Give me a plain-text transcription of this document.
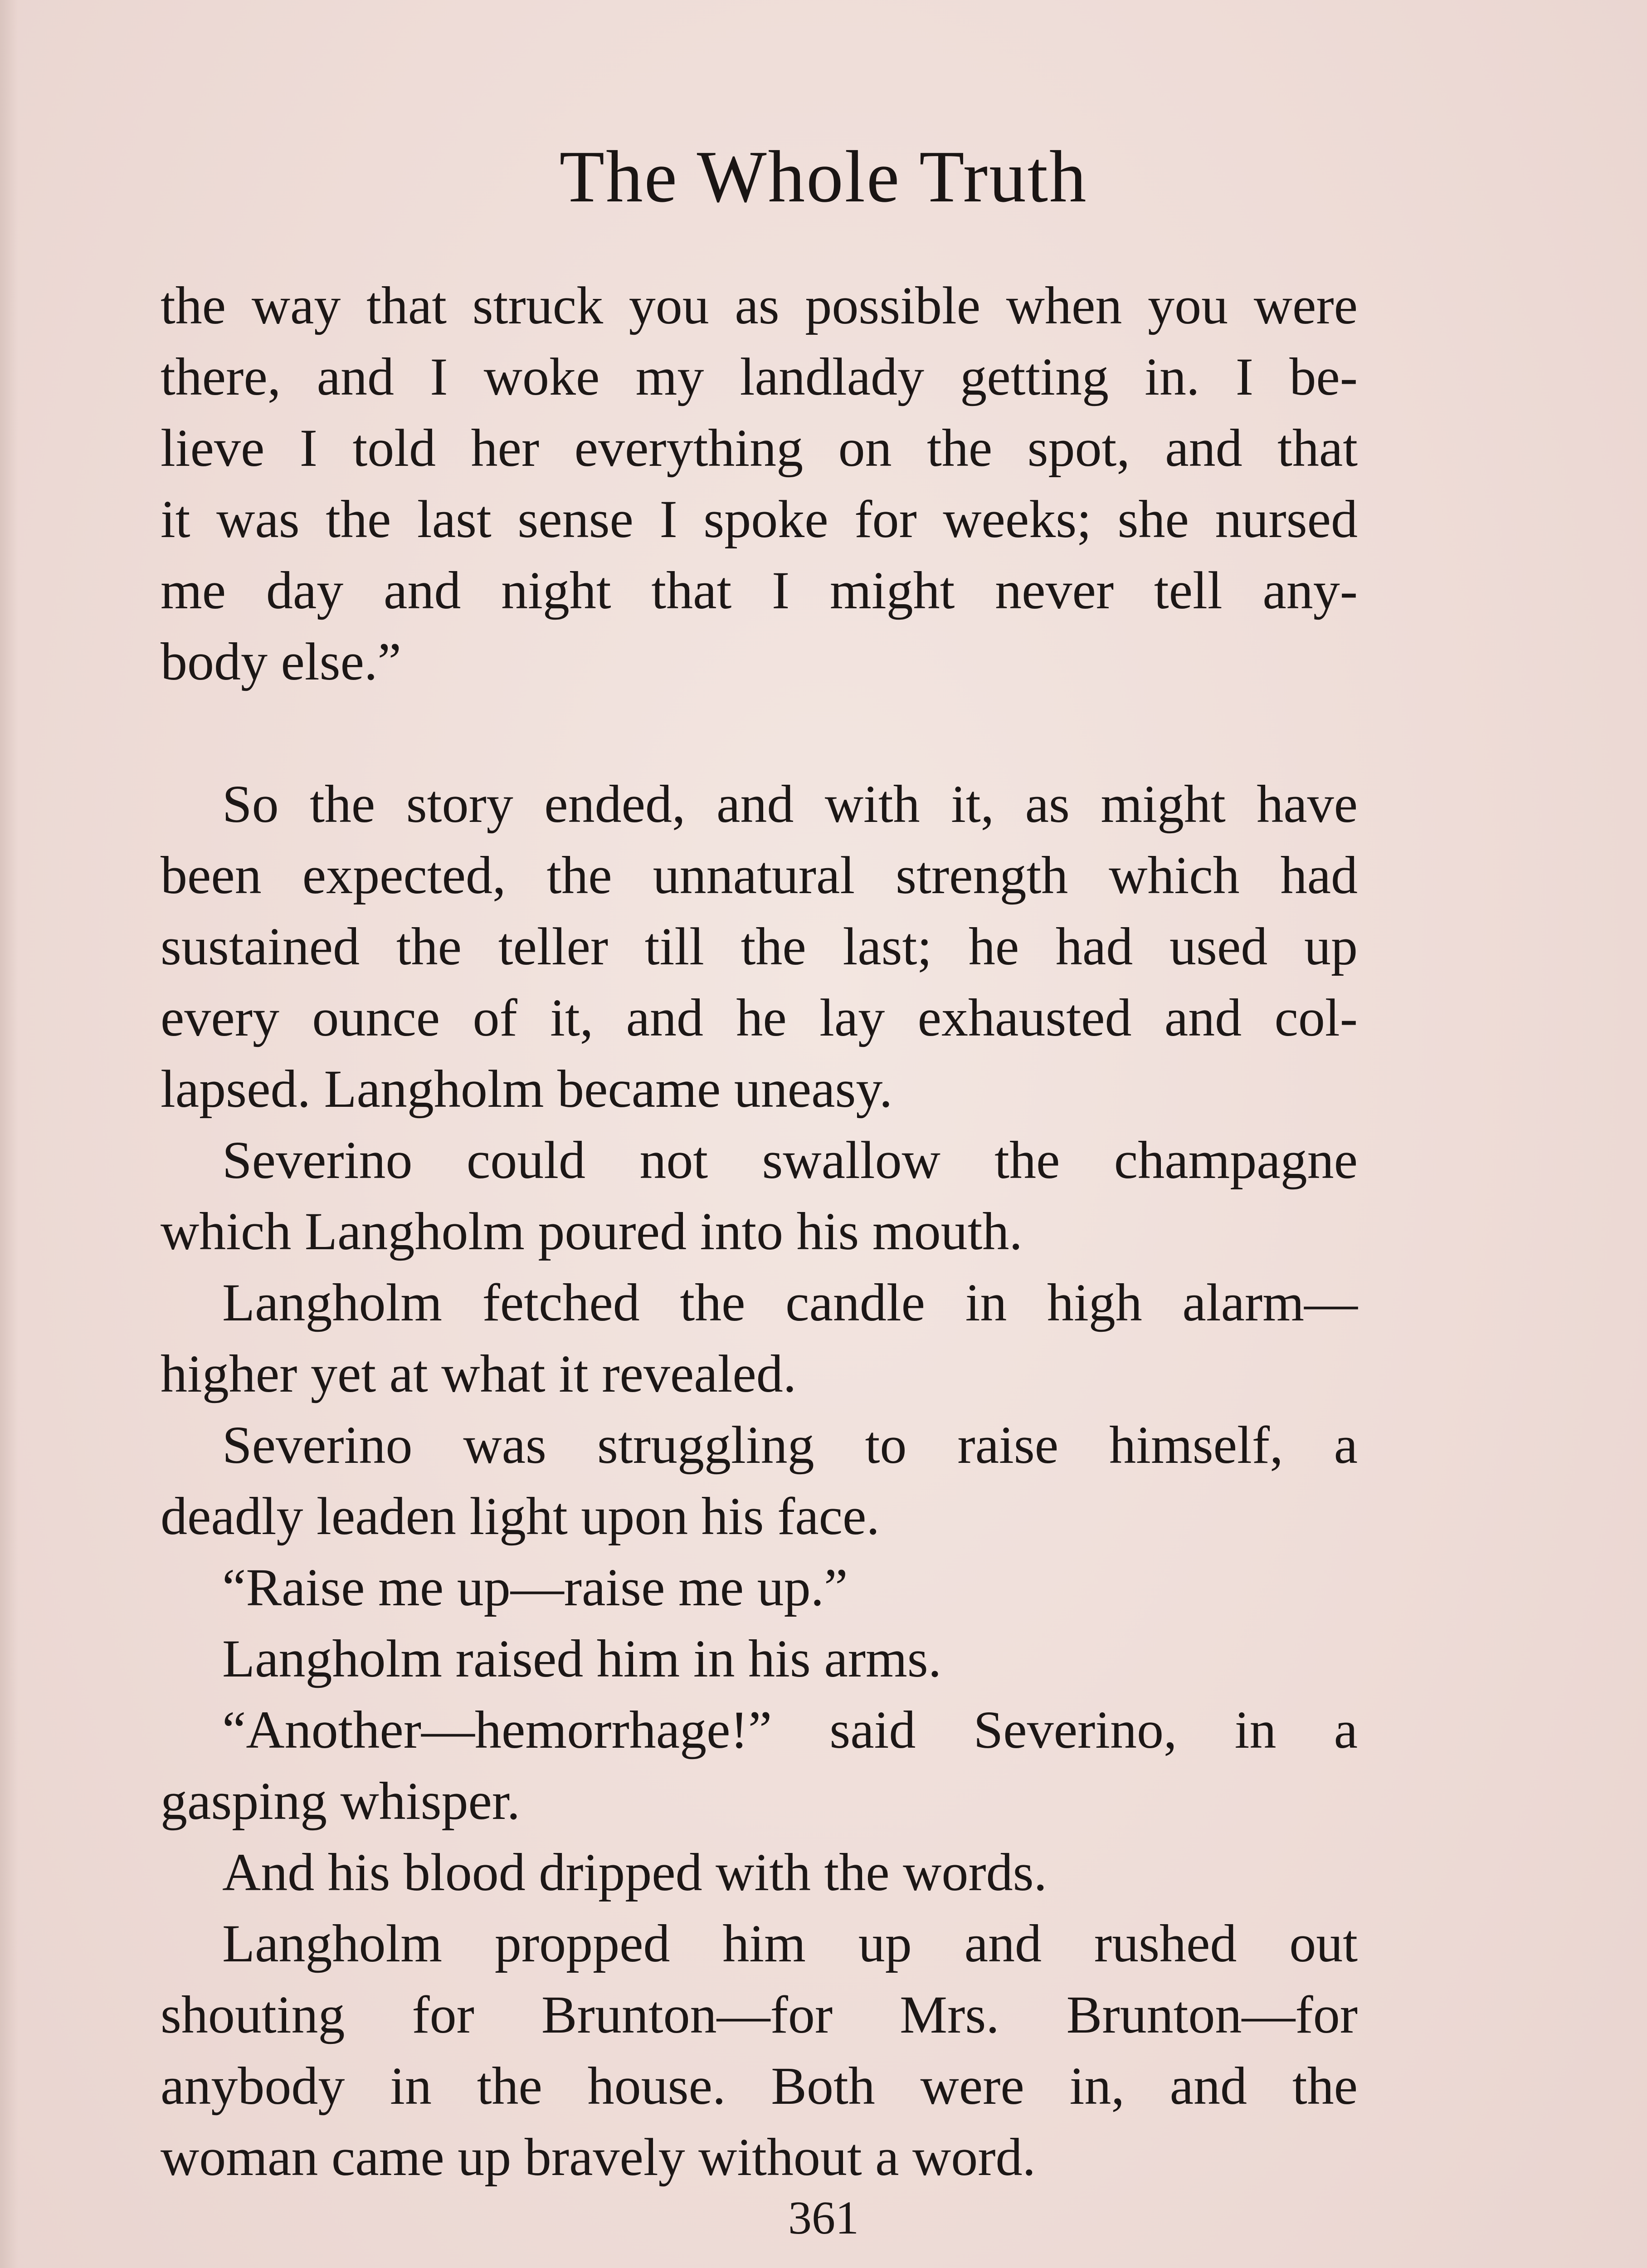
The Whole Truth
the way that struck you as possible when you were
there, and I woke my landlady getting in. I be-
lieve I told her everything on the spot, and that
it was the last sense I spoke for weeks; she nursed
me day and night that I might never tell any-
body else.”
So the story ended, and with it, as might have
been expected, the unnatural strength which had
sustained the teller till the last; he had used up
every ounce of it, and he lay exhausted and col-
lapsed. Langholm became uneasy.
Severino could not swallow the champagne
which Langholm poured into his mouth.
Langholm fetched the candle in high alarm—
higher yet at what it revealed.
Severino was struggling to raise himself, a
deadly leaden light upon his face.
“Raise me up—raise me up.”
Langholm raised him in his arms.
“Another—hemorrhage!” said Severino, in a
gasping whisper.
And his blood dripped with the words.
Langholm propped him up and rushed out
shouting for Brunton—for Mrs. Brunton—for
anybody in the house. Both were in, and the
woman came up bravely without a word.
361
